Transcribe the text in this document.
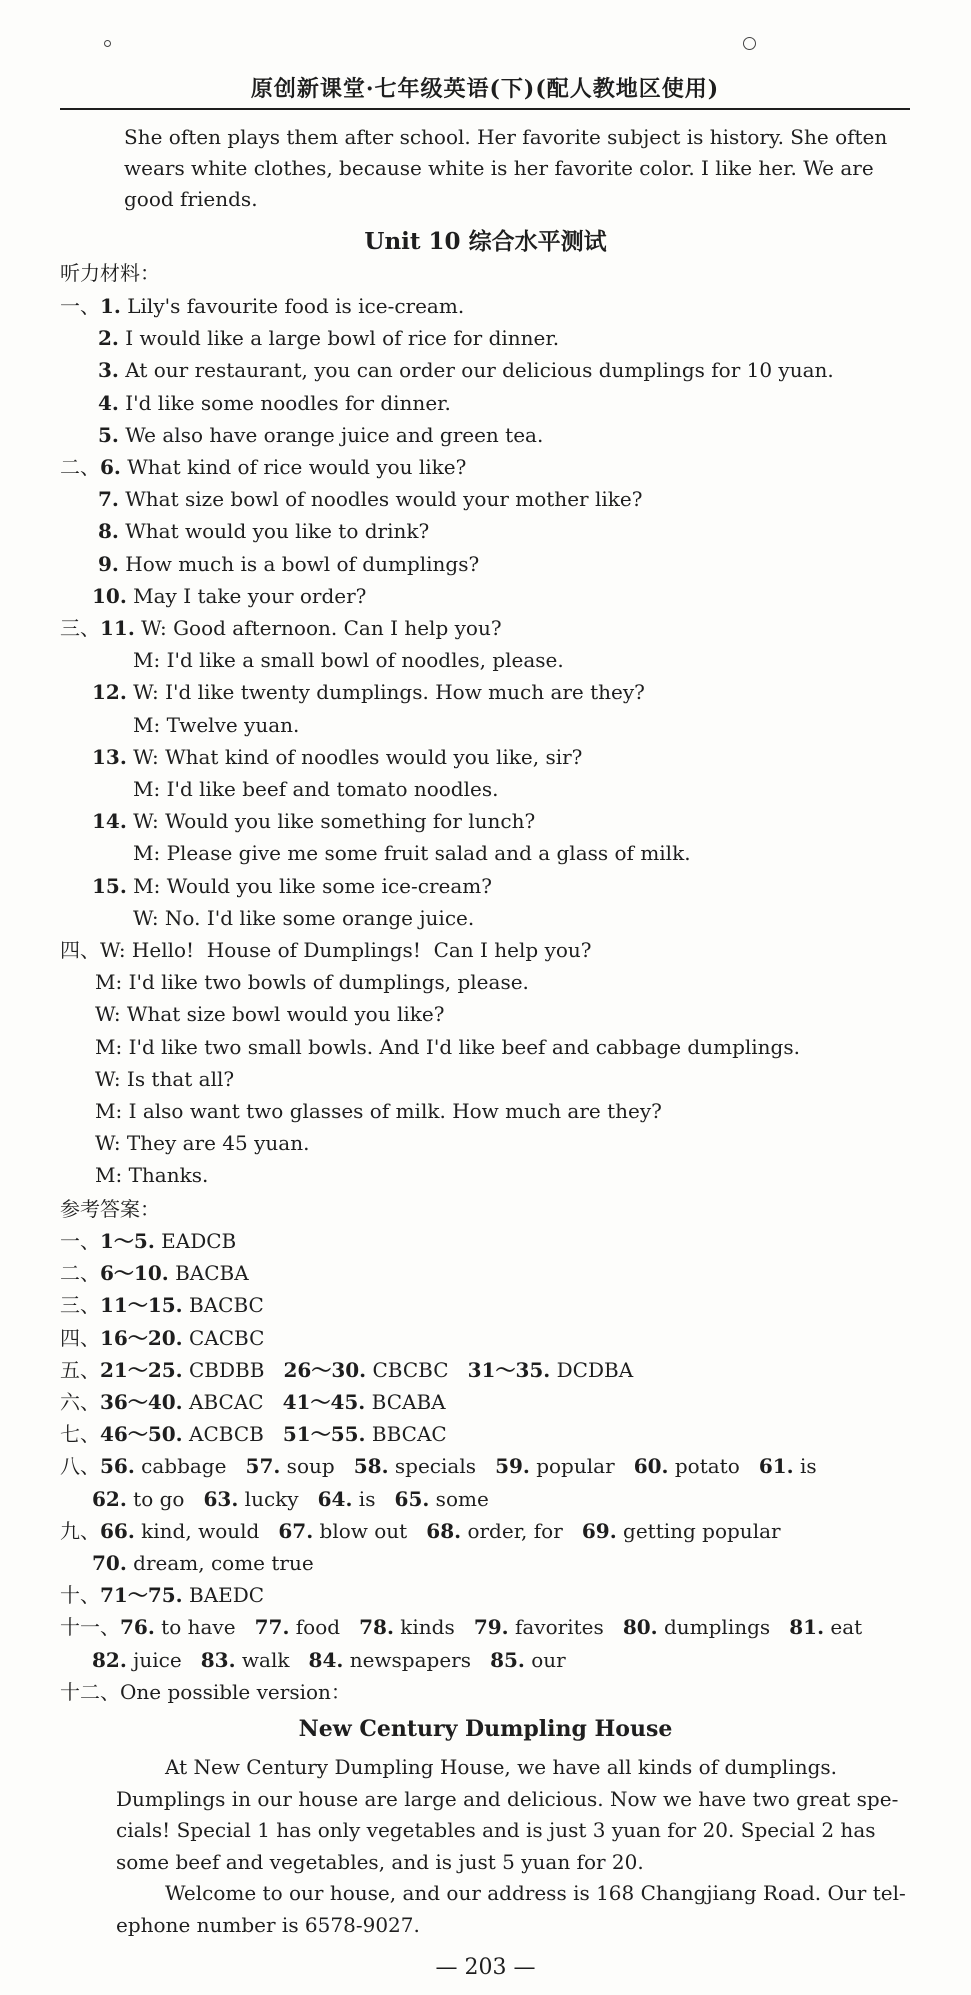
原创新课堂·七年级英语(下)(配人教地区使用)
She often plays them after school. Her favorite subject is history. She often
wears white clothes, because white is her favorite color. I like her. We are
good friends.
Unit 10 综合水平测试
听力材料：
一、1. Lily's favourite food is ice-cream.
2. I would like a large bowl of rice for dinner.
3. At our restaurant, you can order our delicious dumplings for 10 yuan.
4. I'd like some noodles for dinner.
5. We also have orange juice and green tea.
二、6. What kind of rice would you like?
7. What size bowl of noodles would your mother like?
8. What would you like to drink?
9. How much is a bowl of dumplings?
10. May I take your order?
三、11. W: Good afternoon. Can I help you?
M: I'd like a small bowl of noodles, please.
12. W: I'd like twenty dumplings. How much are they?
M: Twelve yuan.
13. W: What kind of noodles would you like, sir?
M: I'd like beef and tomato noodles.
14. W: Would you like something for lunch?
M: Please give me some fruit salad and a glass of milk.
15. M: Would you like some ice-cream?
W: No. I'd like some orange juice.
四、W: Hello!  House of Dumplings!  Can I help you?
M: I'd like two bowls of dumplings, please.
W: What size bowl would you like?
M: I'd like two small bowls. And I'd like beef and cabbage dumplings.
W: Is that all?
M: I also want two glasses of milk. How much are they?
W: They are 45 yuan.
M: Thanks.
参考答案：
一、1～5. EADCB
二、6～10. BACBA
三、11～15. BACBC
四、16～20. CACBC
五、21～25. CBDBB   26～30. CBCBC   31～35. DCDBA
六、36～40. ABCAC   41～45. BCABA
七、46～50. ACBCB   51～55. BBCAC
八、56. cabbage   57. soup   58. specials   59. popular   60. potato   61. is
62. to go   63. lucky   64. is   65. some
九、66. kind, would   67. blow out   68. order, for   69. getting popular
70. dream, come true
十、71～75. BAEDC
十一、76. to have   77. food   78. kinds   79. favorites   80. dumplings   81. eat
82. juice   83. walk   84. newspapers   85. our
十二、One possible version：
New Century Dumpling House
At New Century Dumpling House, we have all kinds of dumplings.
Dumplings in our house are large and delicious. Now we have two great spe-
cials! Special 1 has only vegetables and is just 3 yuan for 20. Special 2 has
some beef and vegetables, and is just 5 yuan for 20.
Welcome to our house, and our address is 168 Changjiang Road. Our tel-
ephone number is 6578-9027.
— 203 —
